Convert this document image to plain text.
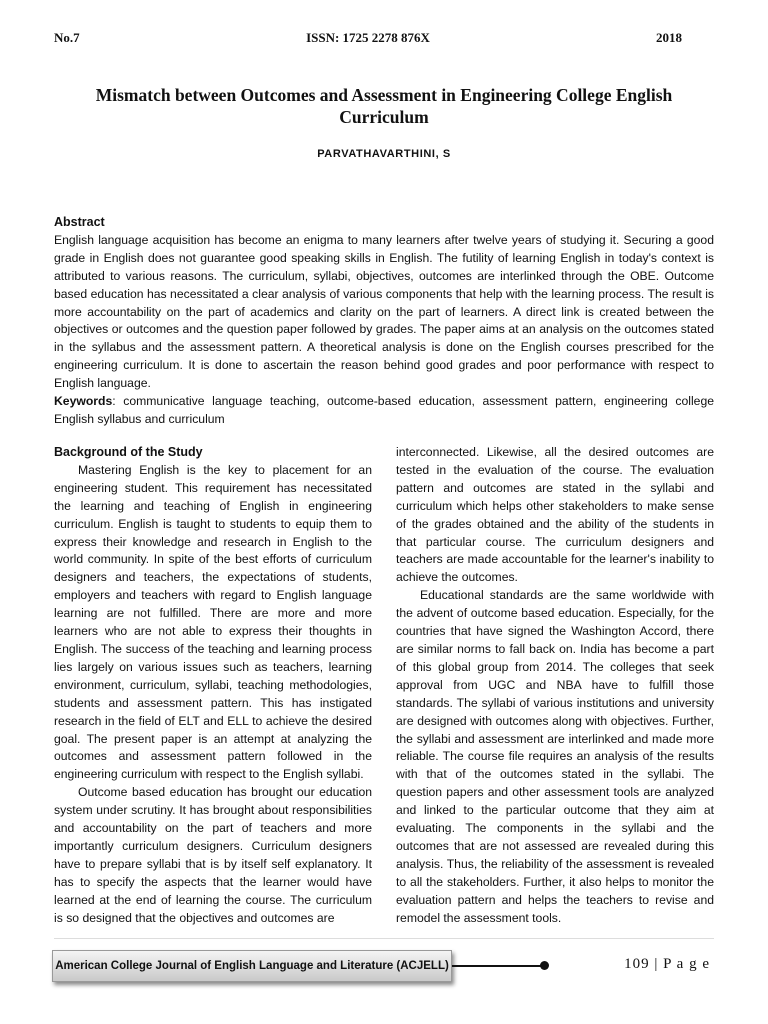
No.7	ISSN: 1725 2278 876X	2018
Mismatch between Outcomes and Assessment in Engineering College English Curriculum
PARVATHAVARTHINI, S
Abstract

English language acquisition has become an enigma to many learners after twelve years of studying it. Securing a good grade in English does not guarantee good speaking skills in English. The futility of learning English in today's context is attributed to various reasons. The curriculum, syllabi, objectives, outcomes are interlinked through the OBE. Outcome based education has necessitated a clear analysis of various components that help with the learning process. The result is more accountability on the part of academics and clarity on the part of learners. A direct link is created between the objectives or outcomes and the question paper followed by grades. The paper aims at an analysis on the outcomes stated in the syllabus and the assessment pattern. A theoretical analysis is done on the English courses prescribed for the engineering curriculum. It is done to ascertain the reason behind good grades and poor performance with respect to English language.

Keywords: communicative language teaching, outcome-based education, assessment pattern, engineering college English syllabus and curriculum

Background of the Study

Mastering English is the key to placement for an engineering student. This requirement has necessitated the learning and teaching of English in engineering curriculum. English is taught to students to equip them to express their knowledge and research in English to the world community. In spite of the best efforts of curriculum designers and teachers, the expectations of students, employers and teachers with regard to English language learning are not fulfilled. There are more and more learners who are not able to express their thoughts in English. The success of the teaching and learning process lies largely on various issues such as teachers, learning environment, curriculum, syllabi, teaching methodologies, students and assessment pattern. This has instigated research in the field of ELT and ELL to achieve the desired goal. The present paper is an attempt at analyzing the outcomes and assessment pattern followed in the engineering curriculum with respect to the English syllabi.

Outcome based education has brought our education system under scrutiny. It has brought about responsibilities and accountability on the part of teachers and more importantly curriculum designers. Curriculum designers have to prepare syllabi that is by itself self explanatory. It has to specify the aspects that the learner would have learned at the end of learning the course. The curriculum is so designed that the objectives and outcomes are

interconnected. Likewise, all the desired outcomes are tested in the evaluation of the course. The evaluation pattern and outcomes are stated in the syllabi and curriculum which helps other stakeholders to make sense of the grades obtained and the ability of the students in that particular course. The curriculum designers and teachers are made accountable for the learner's inability to achieve the outcomes.

Educational standards are the same worldwide with the advent of outcome based education. Especially, for the countries that have signed the Washington Accord, there are similar norms to fall back on. India has become a part of this global group from 2014. The colleges that seek approval from UGC and NBA have to fulfill those standards. The syllabi of various institutions and university are designed with outcomes along with objectives. Further, the syllabi and assessment are interlinked and made more reliable. The course file requires an analysis of the results with that of the outcomes stated in the syllabi. The question papers and other assessment tools are analyzed and linked to the particular outcome that they aim at evaluating. The components in the syllabi and the outcomes that are not assessed are revealed during this analysis. Thus, the reliability of the assessment is revealed to all the stakeholders. Further, it also helps to monitor the evaluation pattern and helps the teachers to revise and remodel the assessment tools.

American College Journal of English Language and Literature (ACJELL)	109 | P a g e
